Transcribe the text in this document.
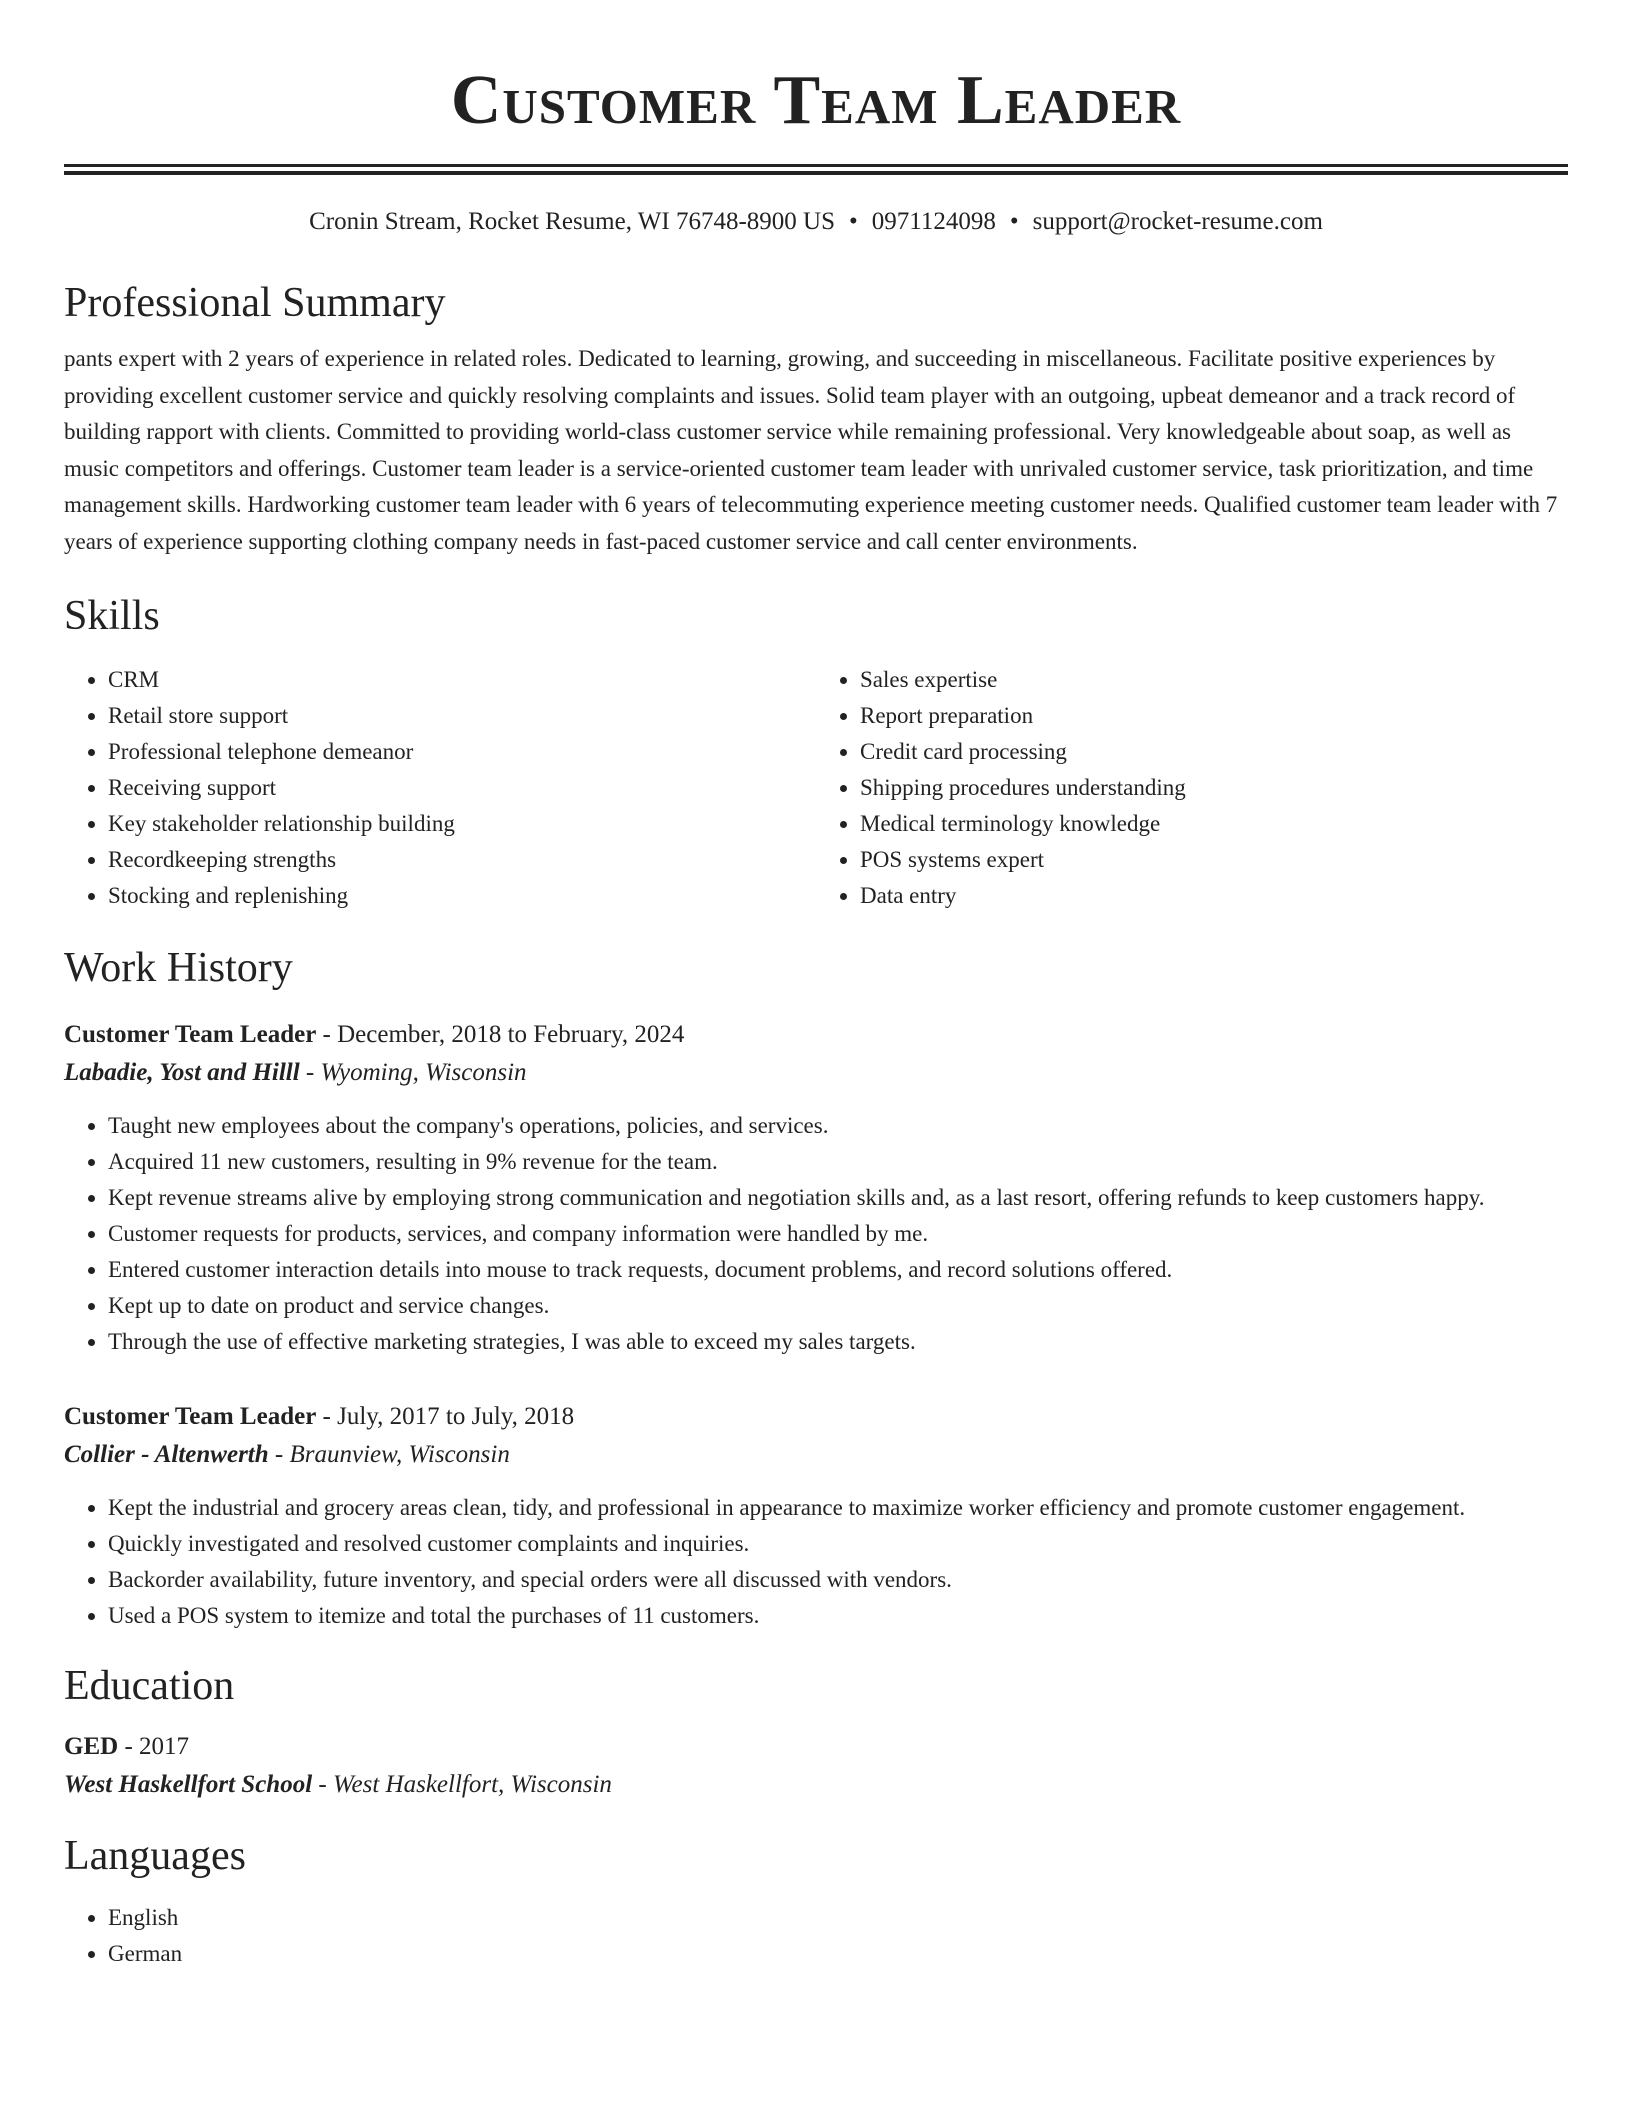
Customer Team Leader
Cronin Stream, Rocket Resume, WI 76748-8900 US • 0971124098 • support@rocket-resume.com
Professional Summary

pants expert with 2 years of experience in related roles. Dedicated to learning, growing, and succeeding in miscellaneous. Facilitate positive experiences by providing excellent customer service and quickly resolving complaints and issues. Solid team player with an outgoing, upbeat demeanor and a track record of building rapport with clients. Committed to providing world-class customer service while remaining professional. Very knowledgeable about soap, as well as music competitors and offerings. Customer team leader is a service-oriented customer team leader with unrivaled customer service, task prioritization, and time management skills. Hardworking customer team leader with 6 years of telecommuting experience meeting customer needs. Qualified customer team leader with 7 years of experience supporting clothing company needs in fast-paced customer service and call center environments.

Skills
• CRM
• Retail store support
• Professional telephone demeanor
• Receiving support
• Key stakeholder relationship building
• Recordkeeping strengths
• Stocking and replenishing
• Sales expertise
• Report preparation
• Credit card processing
• Shipping procedures understanding
• Medical terminology knowledge
• POS systems expert
• Data entry
Work History
Customer Team Leader - December, 2018 to February, 2024
Labadie, Yost and Hilll - Wyoming, Wisconsin
• Taught new employees about the company's operations, policies, and services.
• Acquired 11 new customers, resulting in 9% revenue for the team.
• Kept revenue streams alive by employing strong communication and negotiation skills and, as a last resort, offering refunds to keep customers happy.
• Customer requests for products, services, and company information were handled by me.
• Entered customer interaction details into mouse to track requests, document problems, and record solutions offered.
• Kept up to date on product and service changes.
• Through the use of effective marketing strategies, I was able to exceed my sales targets.
Customer Team Leader - July, 2017 to July, 2018
Collier - Altenwerth - Braunview, Wisconsin
• Kept the industrial and grocery areas clean, tidy, and professional in appearance to maximize worker efficiency and promote customer engagement.
• Quickly investigated and resolved customer complaints and inquiries.
• Backorder availability, future inventory, and special orders were all discussed with vendors.
• Used a POS system to itemize and total the purchases of 11 customers.
Education
GED - 2017
West Haskellfort School - West Haskellfort, Wisconsin
Languages
• English
• German
